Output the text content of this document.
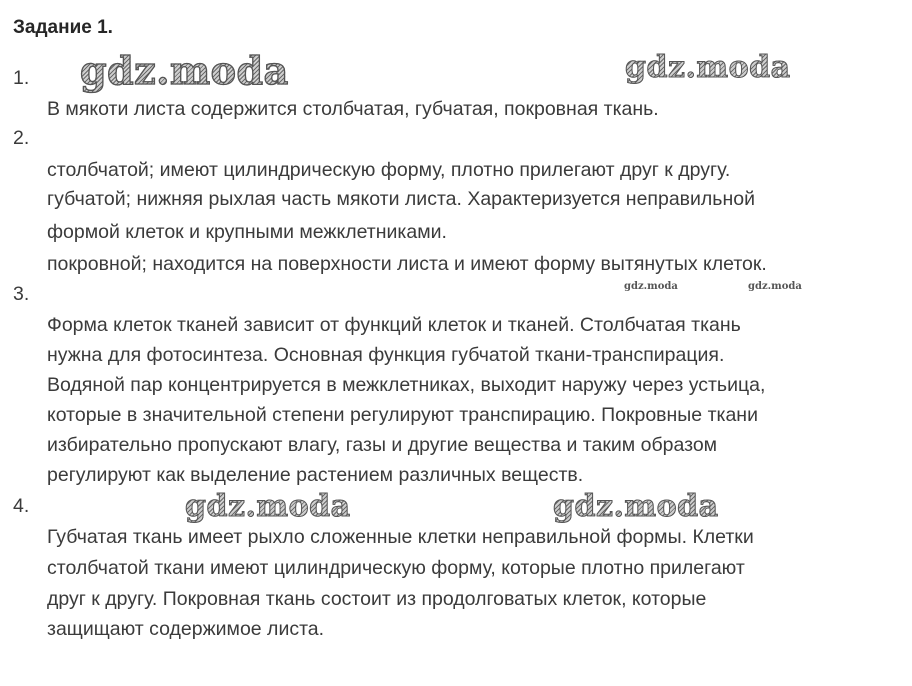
Задание 1.
gdz.moda	gdz.moda
gdz.moda	gdz.moda
gdz.moda	gdz.moda
1.
В мякоти листа содержится столбчатая, губчатая, покровная ткань.
2.
столбчатой; имеют цилиндрическую форму, плотно прилегают друг к другу.
губчатой; нижняя рыхлая часть мякоти листа. Характеризуется неправильной
формой клеток и крупными межклетниками.
покровной; находится на поверхности листа и имеют форму вытянутых клеток.
3.
Форма клеток тканей зависит от функций клеток и тканей. Столбчатая ткань
нужна для фотосинтеза. Основная функция губчатой ткани-транспирация.
Водяной пар концентрируется в межклетниках, выходит наружу через устьица,
которые в значительной степени регулируют транспирацию. Покровные ткани
избирательно пропускают влагу, газы и другие вещества и таким образом
регулируют как выделение растением различных веществ.
4.
Губчатая ткань имеет рыхло сложенные клетки неправильной формы. Клетки
столбчатой ткани имеют цилиндрическую форму, которые плотно прилегают
друг к другу. Покровная ткань состоит из продолговатых клеток, которые
защищают содержимое листа.
